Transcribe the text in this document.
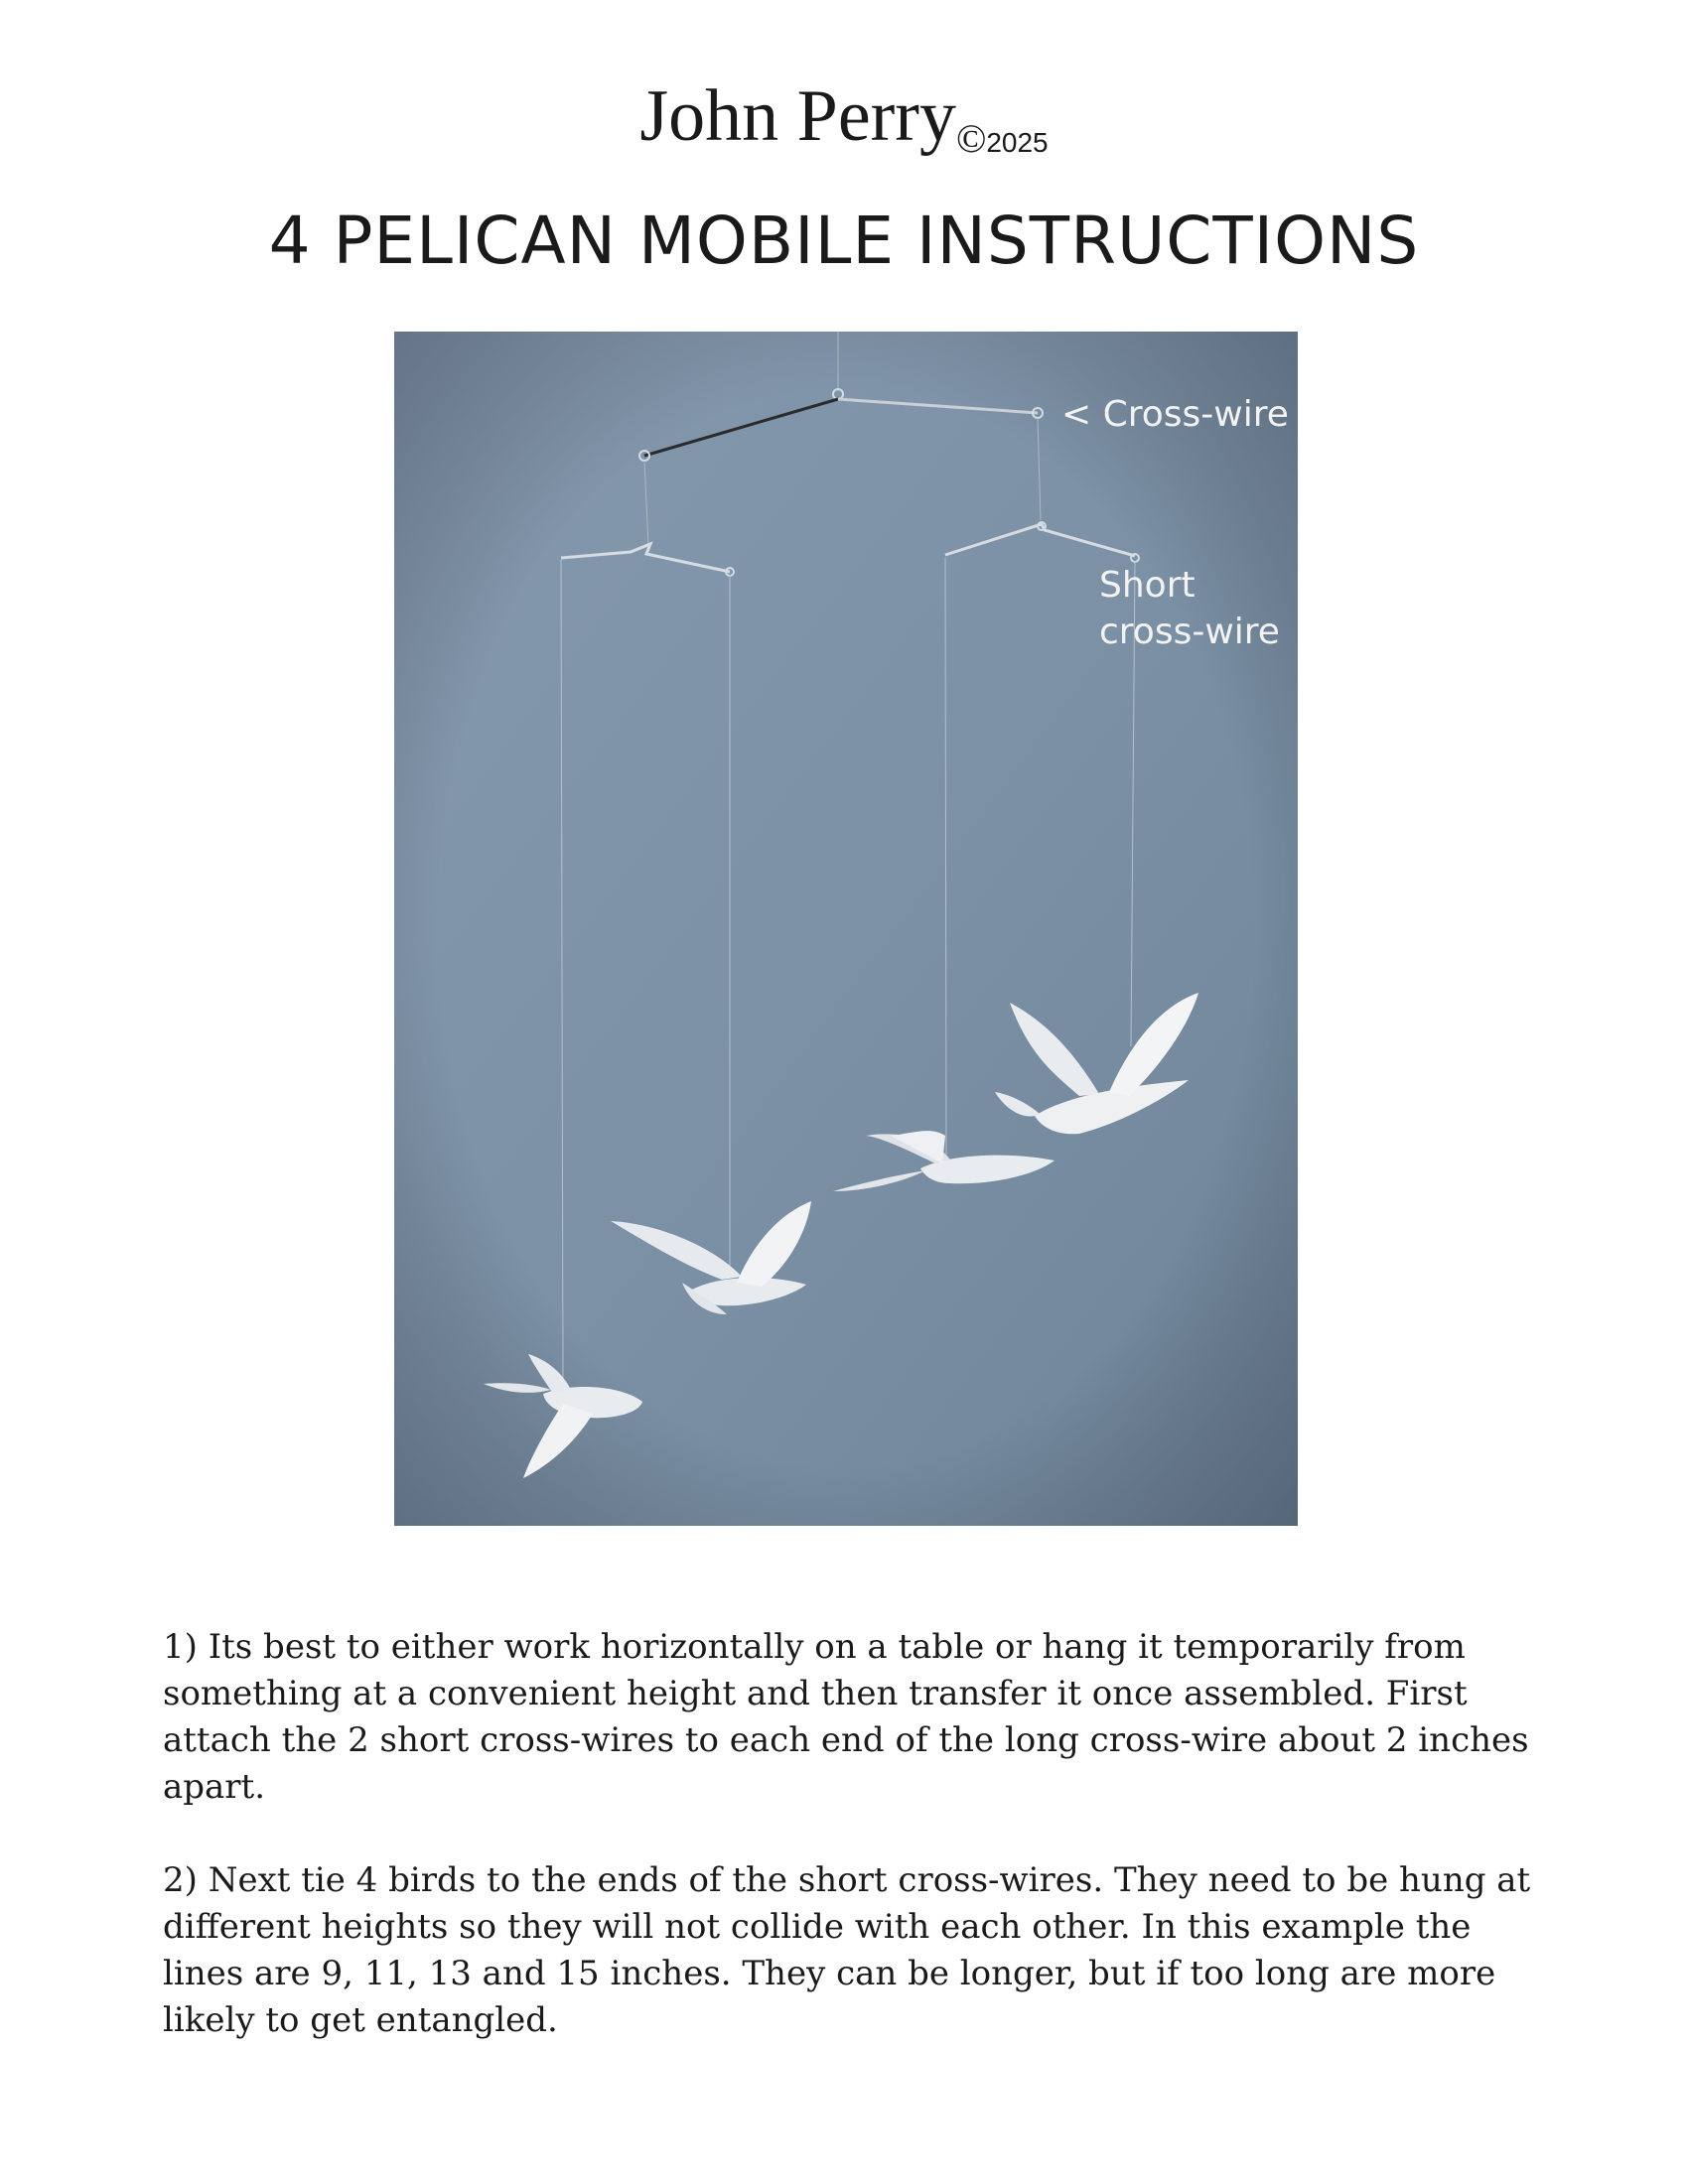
John Perry©2025
4 PELICAN MOBILE INSTRUCTIONS
< Cross-wire
Short
cross-wire

1) Its best to either work horizontally on a table or hang it temporarily from something at a convenient height and then transfer it once assembled. First attach the 2 short cross-wires to each end of the long cross-wire about 2 inches apart.

2) Next tie 4 birds to the ends of the short cross-wires. They need to be hung at different heights so they will not collide with each other. In this example the lines are 9, 11, 13 and 15 inches. They can be longer, but if too long are more likely to get entangled.
